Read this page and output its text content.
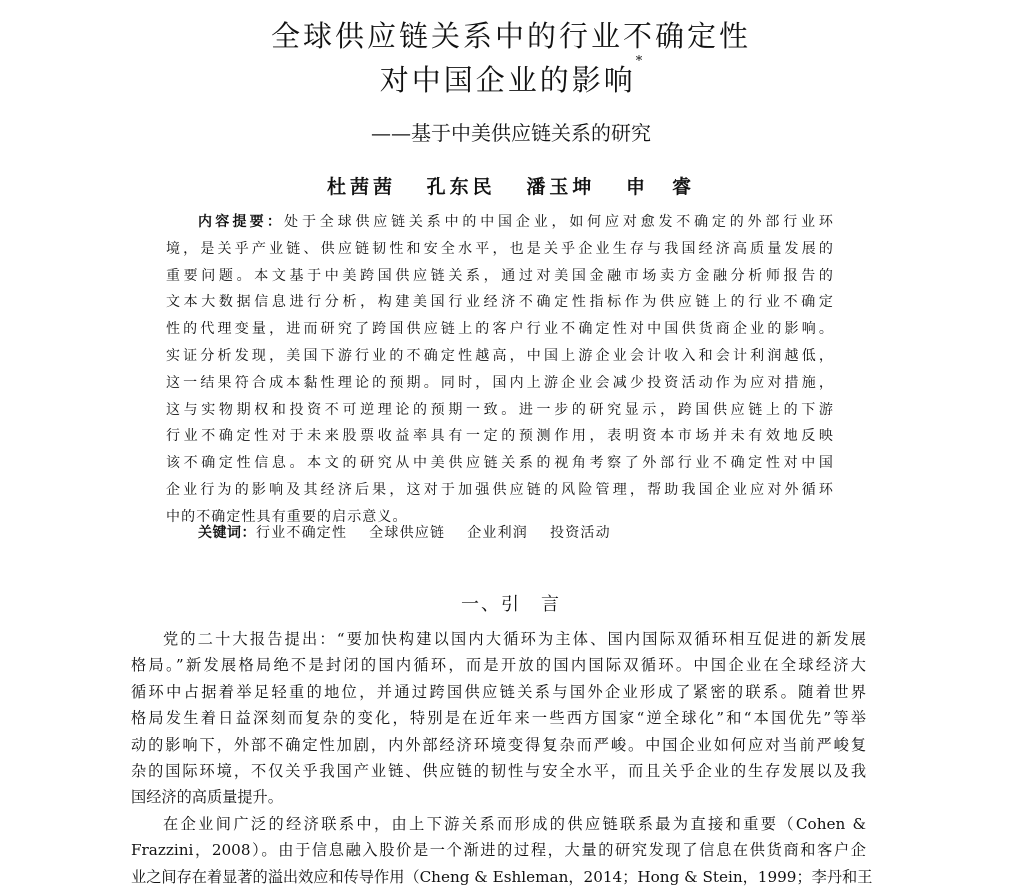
全球供应链关系中的行业不确定性
对中国企业的影响*
——基于中美供应链关系的研究
杜茜茜 孔东民 潘玉坤 申　睿
内容提要：处于全球供应链关系中的中国企业，如何应对愈发不确定的外部行业环
境，是关乎产业链、供应链韧性和安全水平，也是关乎企业生存与我国经济高质量发展的
重要问题。本文基于中美跨国供应链关系，通过对美国金融市场卖方金融分析师报告的
文本大数据信息进行分析，构建美国行业经济不确定性指标作为供应链上的行业不确定
性的代理变量，进而研究了跨国供应链上的客户行业不确定性对中国供货商企业的影响。
实证分析发现，美国下游行业的不确定性越高，中国上游企业会计收入和会计利润越低，
这一结果符合成本黏性理论的预期。同时，国内上游企业会减少投资活动作为应对措施，
这与实物期权和投资不可逆理论的预期一致。进一步的研究显示，跨国供应链上的下游
行业不确定性对于未来股票收益率具有一定的预测作用，表明资本市场并未有效地反映
该不确定性信息。本文的研究从中美供应链关系的视角考察了外部行业不确定性对中国
企业行为的影响及其经济后果，这对于加强供应链的风险管理，帮助我国企业应对外循环
中的不确定性具有重要的启示意义。
关键词：行业不确定性 全球供应链 企业利润 投资活动
一、引　言
党的二十大报告提出：“要加快构建以国内大循环为主体、国内国际双循环相互促进的新发展
格局。”新发展格局绝不是封闭的国内循环，而是开放的国内国际双循环。中国企业在全球经济大
循环中占据着举足轻重的地位，并通过跨国供应链关系与国外企业形成了紧密的联系。随着世界
格局发生着日益深刻而复杂的变化，特别是在近年来一些西方国家“逆全球化”和“本国优先”等举
动的影响下，外部不确定性加剧，内外部经济环境变得复杂而严峻。中国企业如何应对当前严峻复
杂的国际环境，不仅关乎我国产业链、供应链的韧性与安全水平，而且关乎企业的生存发展以及我
国经济的高质量提升。
在企业间广泛的经济联系中，由上下游关系而形成的供应链联系最为直接和重要（Cohen &
Frazzini，2008）。由于信息融入股价是一个渐进的过程，大量的研究发现了信息在供货商和客户企
业之间存在着显著的溢出效应和传导作用（Cheng & Eshleman，2014；Hong & Stein，1999；李丹和王
